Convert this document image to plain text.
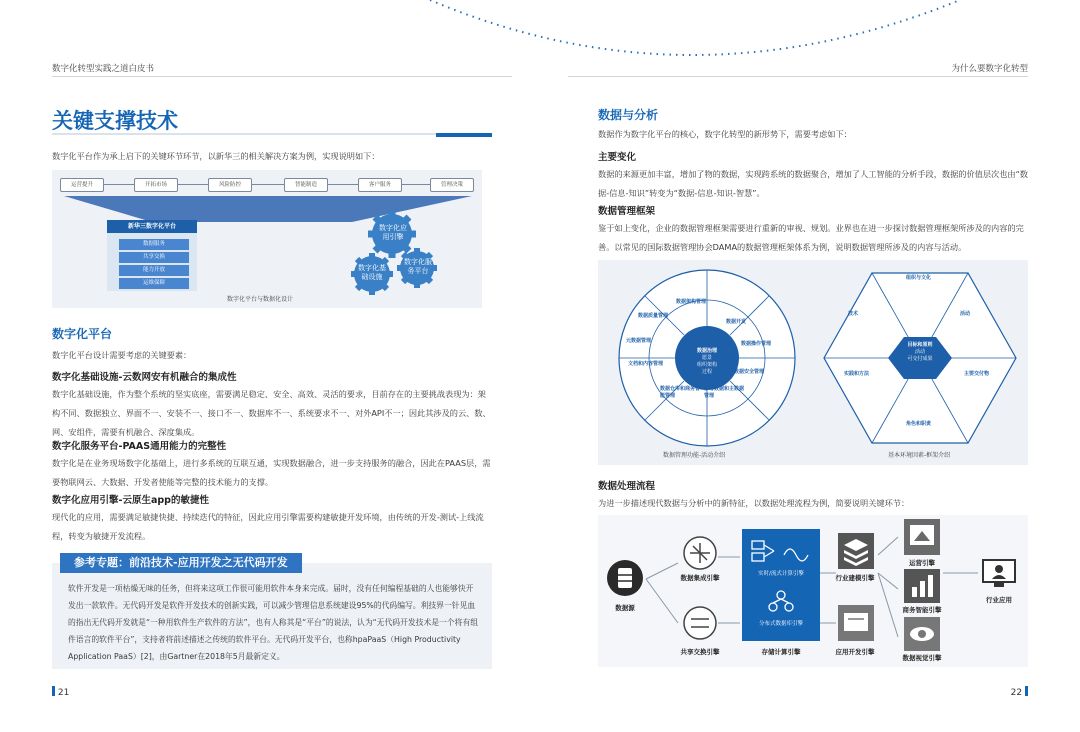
数字化转型实践之道白皮书	为什么要数字化转型
关键支撑技术
数字化平台作为承上启下的关键环节环节，以新华三的相关解决方案为例，实现说明如下：
运营提升	开拓市场	风险防控	智能制造	客户服务	管理决策
新华三数字化平台
数据服务
共享交换
能力开放
运维保障
数字化应用引擎
数字化基础设施
数字化服务平台
数字化平台与数据化设计
数字化平台
数字化平台设计需要考虑的关键要素：
数字化基础设施-云数网安有机融合的集成性
数字化基础设施，作为整个系统的坚实底座，需要满足稳定、安全、高效、灵活的要求，目前存在的主要挑战表现为：架构不同、数据独立、界面不一、安装不一、接口不一、数据库不一、系统要求不一、对外API不一；因此其涉及的云、数、网、安组件，需要有机融合、深度集成。
数字化服务平台-PAAS通用能力的完整性
数字化是在业务现场数字化基础上，进行多系统的互联互通，实现数据融合，进一步支持服务的融合，因此在PAAS层，需要物联网云、大数据、开发者使能等完整的技术能力的支撑。
数字化应用引擎-云原生app的敏捷性
现代化的应用，需要满足敏捷快捷、持续迭代的特征，因此应用引擎需要构建敏捷开发环境，由传统的开发-测试-上线流程，转变为敏捷开发流程。
参考专题：前沿技术-应用开发之无代码开发
软件开发是一项枯燥无味的任务，但将来这项工作很可能用软件本身来完成。届时，没有任何编程基础的人也能够快开发出一款软件。无代码开发是软件开发技术的创新实践，可以减少管理信息系统建设95%的代码编写。利技界一针见血的指出无代码开发就是“一种用软件生产软件的方法”，也有人称其是“平台”的说法，认为“无代码开发技术是一个将有组件语言的软件平台”，支持者将前述描述之传统的软件平台。无代码开发平台，也称hpaPaaS（High Productivity Application PaaS）[2]，由Gartner在2018年5月最新定义。
21
数据与分析
数据作为数字化平台的核心，数字化转型的新形势下，需要考虑如下：
主要变化
数据的来源更加丰富，增加了物的数据，实现跨系统的数据聚合，增加了人工智能的分析手段，数据的价值层次也由“数据-信息-知识”转变为“数据-信息-知识-智慧”。
数据管理框架
鉴于如上变化，企业的数据管理框架需要进行重新的审视、规划。业界也在进一步探讨数据管理框架所涉及的内容的完善。以常见的国际数据管理协会DAMA的数据管理框架体系为例，说明数据管理所涉及的内容与活动。
数据治理
愿景
组织架构
过程
数据架构管理
数据开发
数据操作管理
数据安全管理
参考数据和主数据管理
数据仓库和商务智能管理
文档和内容管理
元数据管理
数据质量管理
数据管理功能-活动介绍
目标和原则
活动
可交付成果
组织与文化
活动
主要交付物
角色和职责
实践和方法
技术
基本环境因素-框架介绍
数据处理流程
为进一步描述现代数据与分析中的新特征，以数据处理流程为例，简要说明关键环节：
数据源
数据集成引擎
共享交换引擎
实时/流式计算引擎
分布式数据库引擎
存储计算引擎
行业建模引擎
应用开发引擎
运营引擎
商务智能引擎
数据视觉引擎
行业应用
22
